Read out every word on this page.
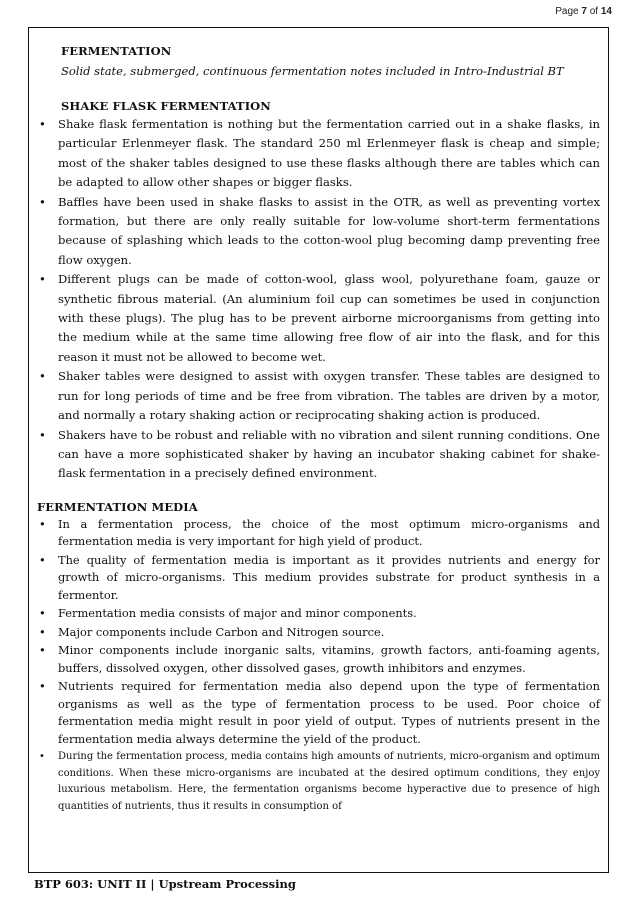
Page 7 of 14
FERMENTATION
Solid state, submerged, continuous fermentation notes included in Intro-Industrial BT
SHAKE FLASK FERMENTATION
• Shake flask fermentation is nothing but the fermentation carried out in a shake flasks, in particular Erlenmeyer flask. The standard 250 ml Erlenmeyer flask is cheap and simple; most of the shaker tables designed to use these flasks although there are tables which can be adapted to allow other shapes or bigger flasks.
• Baffles have been used in shake flasks to assist in the OTR, as well as preventing vortex formation, but there are only really suitable for low-volume short-term fermentations because of splashing which leads to the cotton-wool plug becoming damp preventing free flow oxygen.
• Different plugs can be made of cotton-wool, glass wool, polyurethane foam, gauze or synthetic fibrous material. (An aluminium foil cup can sometimes be used in conjunction with these plugs). The plug has to be prevent airborne microorganisms from getting into the medium while at the same time allowing free flow of air into the flask, and for this reason it must not be allowed to become wet.
• Shaker tables were designed to assist with oxygen transfer. These tables are designed to run for long periods of time and be free from vibration. The tables are driven by a motor, and normally a rotary shaking action or reciprocating shaking action is produced.
• Shakers have to be robust and reliable with no vibration and silent running conditions. One can have a more sophisticated shaker by having an incubator shaking cabinet for shake-flask fermentation in a precisely defined environment.
FERMENTATION MEDIA
• In a fermentation process, the choice of the most optimum micro-organisms and fermentation media is very important for high yield of product.
• The quality of fermentation media is important as it provides nutrients and energy for growth of micro-organisms. This medium provides substrate for product synthesis in a fermentor.
• Fermentation media consists of major and minor components.
• Major components include Carbon and Nitrogen source.
• Minor components include inorganic salts, vitamins, growth factors, anti-foaming agents, buffers, dissolved oxygen, other dissolved gases, growth inhibitors and enzymes.
• Nutrients required for fermentation media also depend upon the type of fermentation organisms as well as the type of fermentation process to be used. Poor choice of fermentation media might result in poor yield of output. Types of nutrients present in the fermentation media always determine the yield of the product.
• During the fermentation process, media contains high amounts of nutrients, micro-organism and optimum conditions. When these micro-organisms are incubated at the desired optimum conditions, they enjoy luxurious metabolism. Here, the fermentation organisms become hyperactive due to presence of high quantities of nutrients, thus it results in consumption of
BTP 603: UNIT II | Upstream Processing
